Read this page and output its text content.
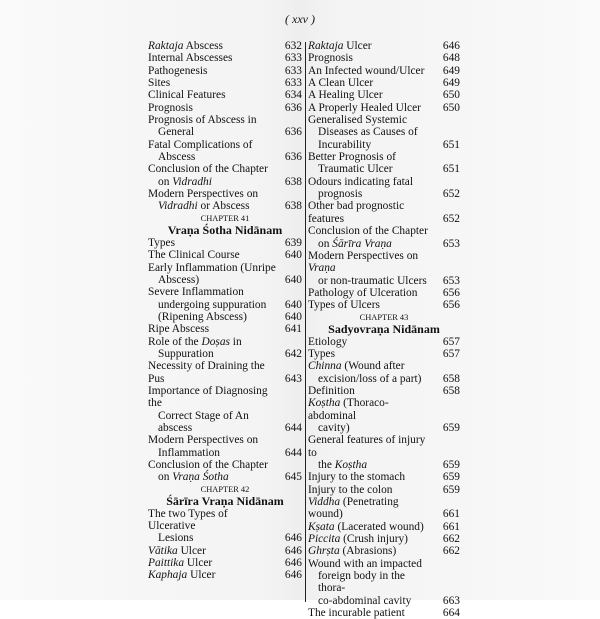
( xxv )
Raktaja Abscess	632
Internal Abscesses	633
Pathogenesis	633
Sites	633
Clinical Features	634
Prognosis	636
Prognosis of Abscess in
General	636
Fatal Complications of
Abscess	636
Conclusion of the Chapter
on Vidradhi	638
Modern Perspectives on
Vidradhi or Abscess	638
CHAPTER 41
Vraṇa Śotha Nidānam
Types	639
The Clinical Course	640
Early Inflammation (Unripe
Abscess)	640
Severe Inflammation
undergoing suppuration	640
(Ripening Abscess)	640
Ripe Abscess	641
Role of the Doṣas in
Suppuration	642
Necessity of Draining the Pus	643
Importance of Diagnosing the
Correct Stage of An abscess	644
Modern Perspectives on
Inflammation	644
Conclusion of the Chapter
on Vraṇa Śotha	645
CHAPTER 42
Śārīra Vraṇa Nidānam
The two Types of Ulcerative
Lesions	646
Vātika Ulcer	646
Paittika Ulcer	646
Kaphaja Ulcer	646
Raktaja Ulcer	646
Prognosis	648
An Infected wound/Ulcer	649
A Clean Ulcer	649
A Healing Ulcer	650
A Properly Healed Ulcer	650
Generalised Systemic
Diseases as Causes of
Incurability	651
Better Prognosis of
Traumatic Ulcer	651
Odours indicating fatal
prognosis	652
Other bad prognostic features	652
Conclusion of the Chapter
on Śārīra Vraṇa	653
Modern Perspectives on Vraṇa
or non-traumatic Ulcers	653
Pathology of Ulceration	656
Types of Ulcers	656
CHAPTER 43
Sadyovraṇa Nidānam
Etiology	657
Types	657
Chinna (Wound after
excision/loss of a part)	658
Definition	658
Koṣtha (Thoraco-abdominal
cavity)	659
General features of injury to
the Koṣtha	659
Injury to the stomach	659
Injury to the colon	659
Viddha (Penetrating wound)	661
Kṣata (Lacerated wound)	661
Piccita (Crush injury)	662
Ghrṣta (Abrasions)	662
Wound with an impacted
foreign body in the thora-
co-abdominal cavity	663
The incurable patient	664
